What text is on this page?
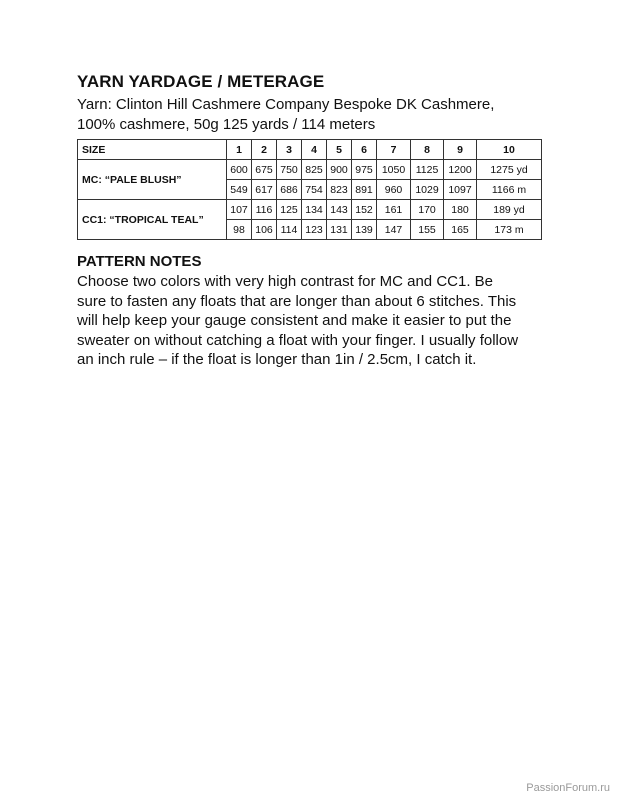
YARN YARDAGE / METERAGE
Yarn: Clinton Hill Cashmere Company Bespoke DK Cashmere,
100% cashmere, 50g 125 yards / 114 meters
SIZE	1	2	3	4	5	6	7	8	9	10
MC: “PALE BLUSH”	600	675	750	825	900	975	1050	1125	1200	1275 yd
	549	617	686	754	823	891	960	1029	1097	1166 m
CC1: “TROPICAL TEAL”	107	116	125	134	143	152	161	170	180	189 yd
	98	106	114	123	131	139	147	155	165	173 m
PATTERN NOTES
Choose two colors with very high contrast for MC and CC1. Be
sure to fasten any floats that are longer than about 6 stitches. This
will help keep your gauge consistent and make it easier to put the
sweater on without catching a float with your finger. I usually follow
an inch rule – if the float is longer than 1in / 2.5cm, I catch it.
PassionForum.ru
